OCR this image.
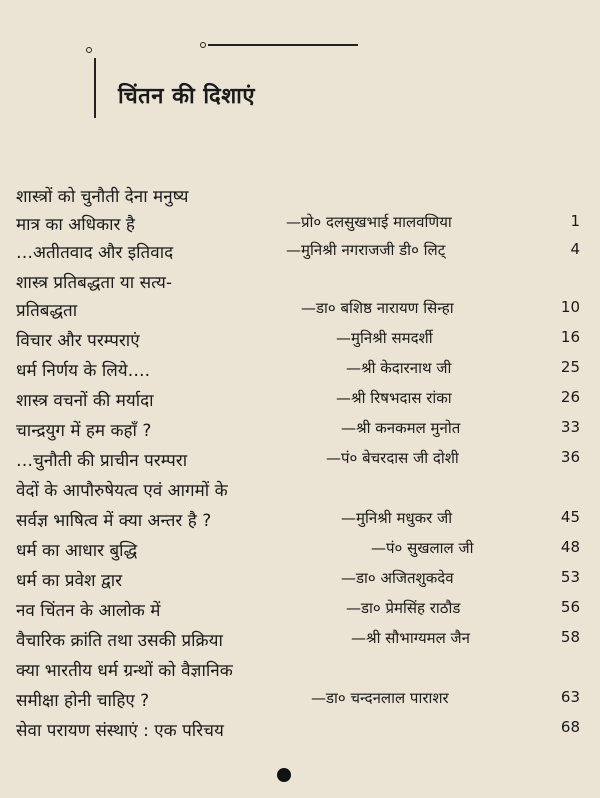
चिंतन की दिशाएं
शास्त्रों को चुनौती देना मनुष्य
मात्र का अधिकार है	—प्रो० दलसुखभाई मालवणिया	1
…अतीतवाद और इतिवाद	—मुनिश्री नगराजजी डी० लिट्	4
शास्त्र प्रतिबद्धता या सत्य-
प्रतिबद्धता	—डा० बशिष्ठ नारायण सिन्हा	10
विचार और परम्पराएं	—मुनिश्री समदर्शी	16
धर्म निर्णय के लिये….	—श्री केदारनाथ जी	25
शास्त्र वचनों की मर्यादा	—श्री रिषभदास रांका	26
चान्द्रयुग में हम कहाँ ?	—श्री कनकमल मुनोत	33
…चुनौती की प्राचीन परम्परा	—पं० बेचरदास जी दोशी	36
वेदों के आपौरुषेयत्व एवं आगमों के
सर्वज्ञ भाषित्व में क्या अन्तर है ?	—मुनिश्री मधुकर जी	45
धर्म का आधार बुद्धि	—पं० सुखलाल जी	48
धर्म का प्रवेश द्वार	—डा० अजितशुकदेव	53
नव चिंतन के आलोक में	—डा० प्रेमसिंह राठौड	56
वैचारिक क्रांति तथा उसकी प्रक्रिया	—श्री सौभाग्यमल जैन	58
क्या भारतीय धर्म ग्रन्थों को वैज्ञानिक
समीक्षा होनी चाहिए ?	—डा० चन्दनलाल पाराशर	63
सेवा परायण संस्थाएं : एक परिचय	68
